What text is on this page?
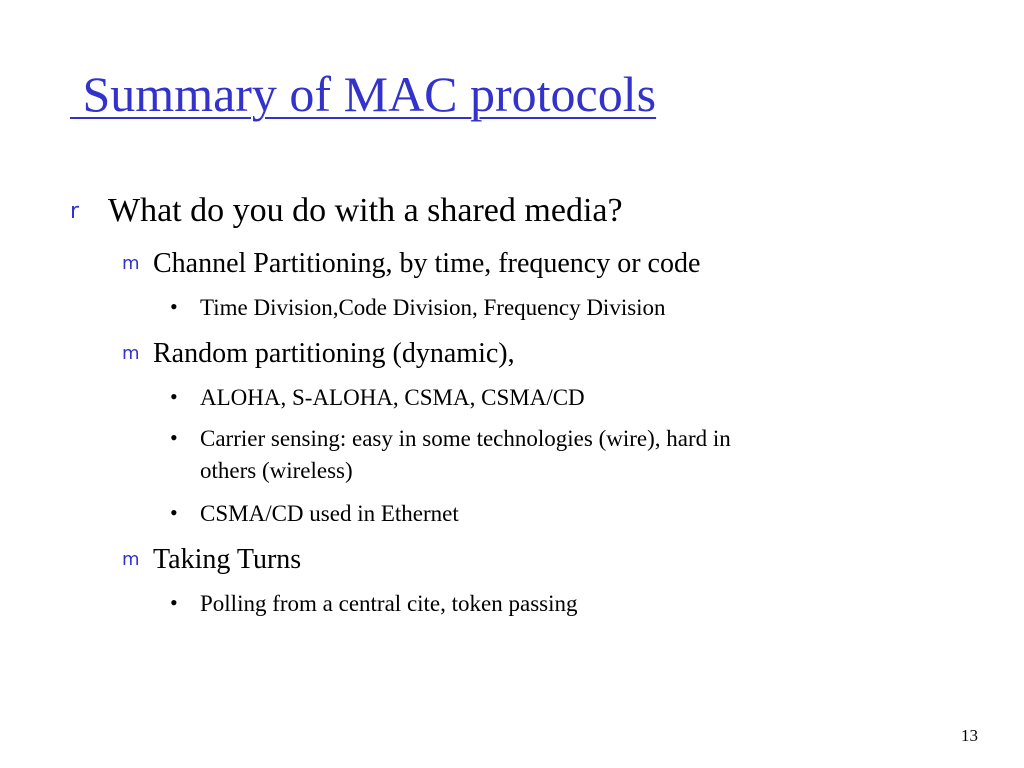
Summary of MAC protocols
r What do you do with a shared media?
m Channel Partitioning, by time, frequency or code
• Time Division,Code Division, Frequency Division
m Random partitioning (dynamic),
• ALOHA, S-ALOHA, CSMA, CSMA/CD
• Carrier sensing: easy in some technologies (wire), hard in
others (wireless)
• CSMA/CD used in Ethernet
m Taking Turns
• Polling from a central cite, token passing
13
